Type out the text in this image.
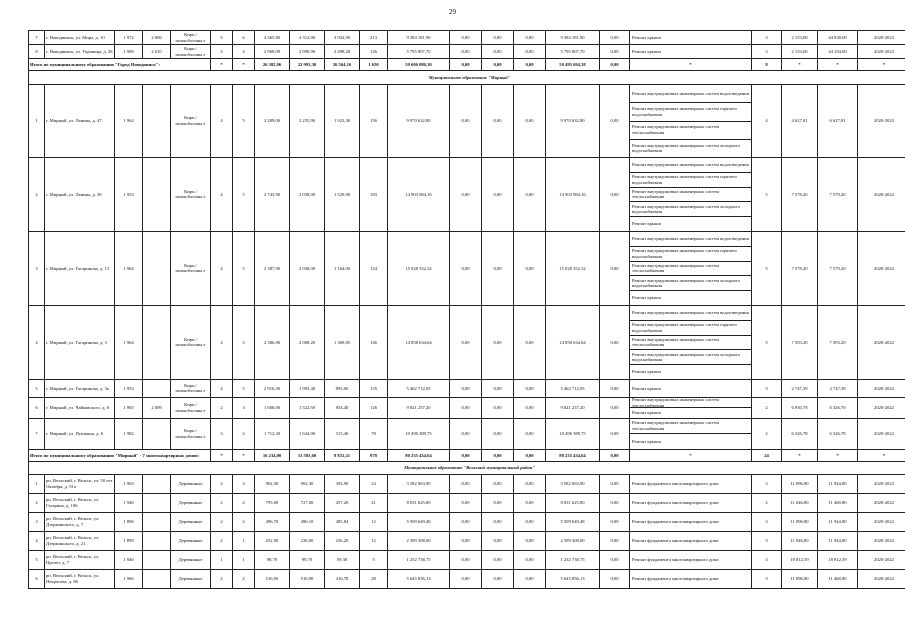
29
7	г. Новодвинск, ул. Мира, д. 10	1 972	2 006	Кирп./ шлакоблочны е	5	6	4 365,80	4 312,90	3 932,90	213	9 384 181,90	0,00	0,00	0,00	9 384 181,90	0,00	Ремонт крыши	3	2 153,00	44 938,00	2020-2022
8	г. Новодвинск, ул. Украинца, д. 28	1 969	2 010	Кирп./ шлакоблочны е	5	4	2 968,09	2 990,90	2 498,28	126	5 795 807,70	0,00	0,00	0,00	5 795 807,70	0,00	Ремонт крыши	3	2 153,00	44 194,00	2020-2022
Итого по муниципальному образованию "Город Новодвинск":					*	*	26 382,96	22 993,30	26 564,16	1 650	59 606 086,30	0,00	0,00	0,00	59 495 694,38	0,00	*	8	*	*	*
Муниципальное образование "Мирный"																					
1	г. Мирный, ул. Ленина, д. 47	1 962		Кирп./ шлакоблочны е	4	5	2 289,00	2 255,90	1 923,30	156	9 970 632,80	0,00	0,00	0,00	9 970 632,80	0,00	Ремонт внутридомовых инженерных систем водоотведения
Ремонт внутридомовых инженерных систем горячего водоснабжения
Ремонт внутридомовых инженерных систем теплоснабжения
Ремонт внутридомовых инженерных систем холодного водоснабжения	4	4 627,81	6 627,81	2020-2022
2	г. Мирный, ул. Ленина, д. 39	1 953		Кирп./ шлакоблочны е	4	5	2 743,90	2 038,00	1 529,90	183	14 903 984,16	0,00	0,00	0,00	14 903 984,16	0,00	Ремонт внутридомовых инженерных систем водоотведения
Ремонт внутридомовых инженерных систем горячего водоснабжения
Ремонт внутридомовых инженерных систем теплоснабжения
Ремонт внутридомовых инженерных систем холодного водоснабжения
Ремонт крыши	5	7 578,20	7 579,20	2020-2022
3	г. Мирный, ул. Гагаринова, д. 13	1 964		Кирп./ шлакоблочны е	4	5	2 387,90	2 038,00	1 164,00	154	15 028 352,32	0,00	0,00	0,00	15 028 352,32	0,00	Ремонт внутридомовых инженерных систем водоотведения
Ремонт внутридомовых инженерных систем горячего водоснабжения
Ремонт внутридомовых инженерных систем теплоснабжения
Ремонт внутридомовых инженерных систем холодного водоснабжения
Ремонт крыши	5	7 578,20	7 579,20	2020-2022
4	г. Мирный, ул. Гагаринова, д. 3	1 964		Кирп./ шлакоблочны е	4	3	2 386,80	2 008,20	1 369,85	146	14 858 634,64	0,00	0,00	0,00	14 858 634,64	0,00	Ремонт внутридомовых инженерных систем водоотведения
Ремонт внутридомовых инженерных систем горячего водоснабжения
Ремонт внутридомовых инженерных систем теплоснабжения
Ремонт внутридомовых инженерных систем холодного водоснабжения
Ремонт крыши	5	7 393,20	7 393,20	2020-2022
5	г. Мирный, ул. Гагаринова, д. 3а	1 953		Кирп./ шлакоблочны е	4	5	2 916,50	1 993,40	893,00	135	5 462 712,05	0,00	0,00	0,00	5 462 712,05	0,00	Ремонт крыши	3	2 747,39	2 747,39	2020-2022
6	г. Мирный, ул. Чайковского, д. 6	1 965	2 009	Кирп./ шлакоблочны е	2	3	1 606,00	1 522,50	854,40	126	9 821 257,20	0,00	0,00	0,00	9 821 257,20	0,00	Ремонт внутридомовых инженерных систем теплоснабжения
Ремонт крыши	2	6 930,78	6 326,70	2020-2022
7	г. Мирный, ул. Пушкина, д. 6	1 982		Кирп./ шлакоблочны е	3	2	1 712,30	1 644,90	313,40	78	10 496 389,75	0,00	0,00	0,00	10 496 389,75	0,00	Ремонт внутридомовых инженерных систем теплоснабжения
Ремонт крыши	2	6 326,78	6 326,78	2020-2022
Итого по муниципальному образованию "Мирный" - 7 многоквартирных домов:					*	*	16 234,00	13 583,60	8 831,21	978	80 235 434,64	0,00	0,00	0,00	80 235 434,64	0,00	*	24	*	*	*
Муниципальное образование "Вельский муниципальный район"																					
1	рп. Вельский, г. Вельск, ул. 50 лет Октября, д. 91а	1 963		Деревянные	2	3	902,30	902,30	393,90	24	3 582 063,90	0,00	0,00	0,00	3 582 063,90	0,00	Ремонт фундамента многоквартирного дома	3	11 096,80	11 944,80	2020-2022
2	рп. Вельский, г. Вельск, ул. Гагарина, д. 106	1 948		Деревянные	2	2	793,00	727,00	457,20	21	8 031 625,80	0,00	0,00	0,00	8 031 625,80	0,00	Ремонт фундамента многоквартирного дома	2	11 046,80	11 468,80	2020-2022
3	рп. Вельский, г. Вельск, ул. Дзержинского, д. 7	1 896		Деревянные	2	2	496,70	496,10	485,84	12	5 509 649,48	0,00	0,00	0,00	5 509 649,48	0,00	Ремонт фундамента многоквартирного дома	3	11 096,80	11 944,80	2020-2022
4	рп. Вельский, г. Вельск, ул. Дзержинского, д. 21	1 899		Деревянные	2	1	252,90	236,00	236,20	12	2 399 308,00	0,00	0,00	0,00	2 399 308,00	0,00	Ремонт фундамента многоквартирного дома	3	11 046,80	11 944,80	2020-2022
5	рп. Вельский, г. Вельск, ул. Пролет, д. 7	1 946		Деревянные	1	1	98,70	99,70	59,30	5	1 252 738,75	0,00	0,00	0,00	1 252 738,75	0,00	Ремонт фундамента многоквартирного дома	3	18 812,59	18 812,59	2020-2022
6	рп. Вельский, г. Вельск, ул. Некрасова, д. 86	1 966		Деревянные	2	2	516,90	510,90	416,78	28	5 645 856,13	0,00	0,00	0,00	5 645 856,13	0,00	Ремонт фундамента многоквартирного дома	3	11 096,80	11 468,80	2020-2022
